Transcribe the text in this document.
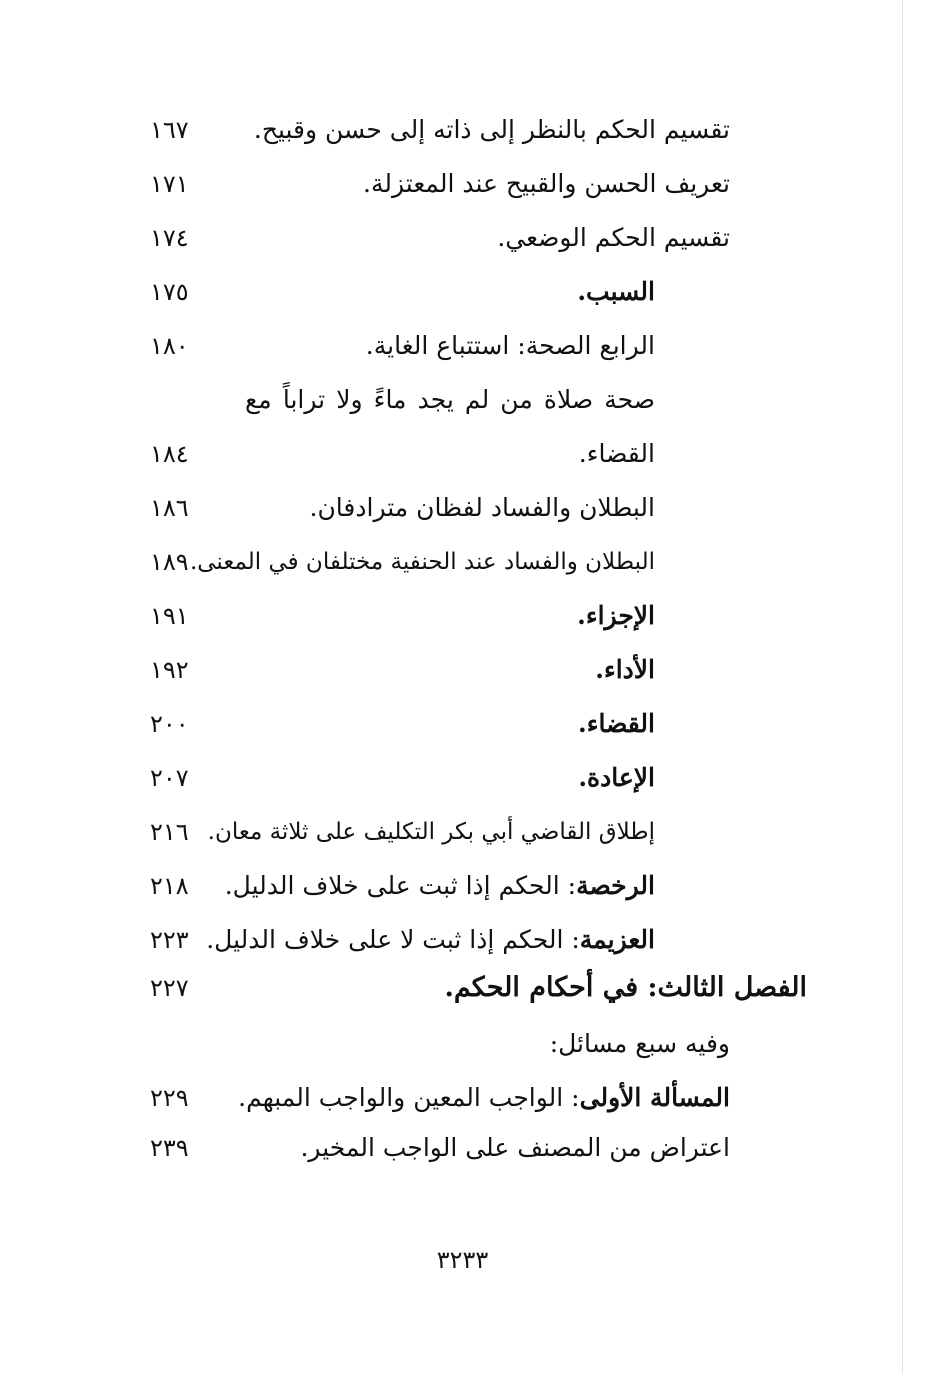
تقسيم الحكم بالنظر إلى ذاته إلى حسن وقبيح.
١٦٧
تعريف الحسن والقبيح عند المعتزلة.
١٧١
تقسيم الحكم الوضعي.
١٧٤
السبب.
١٧٥
الرابع الصحة: استتباع الغاية.
١٨٠
صحة صلاة من لم يجد ماءً ولا تراباً مع
القضاء.
١٨٤
البطلان والفساد لفظان مترادفان.
١٨٦
البطلان والفساد عند الحنفية مختلفان في المعنى.
١٨٩
الإجزاء.
١٩١
الأداء.
١٩٢
القضاء.
٢٠٠
الإعادة.
٢٠٧
إطلاق القاضي أبي بكر التكليف على ثلاثة معان.
٢١٦
الرخصة: الحكم إذا ثبت على خلاف الدليل.
٢١٨
العزيمة: الحكم إذا ثبت لا على خلاف الدليل.
٢٢٣
الفصل الثالث: في أحكام الحكم.
٢٢٧
وفيه سبع مسائل:
المسألة الأولى: الواجب المعين والواجب المبهم.
٢٢٩
اعتراض من المصنف على الواجب المخير.
٢٣٩
٣٢٣٣
